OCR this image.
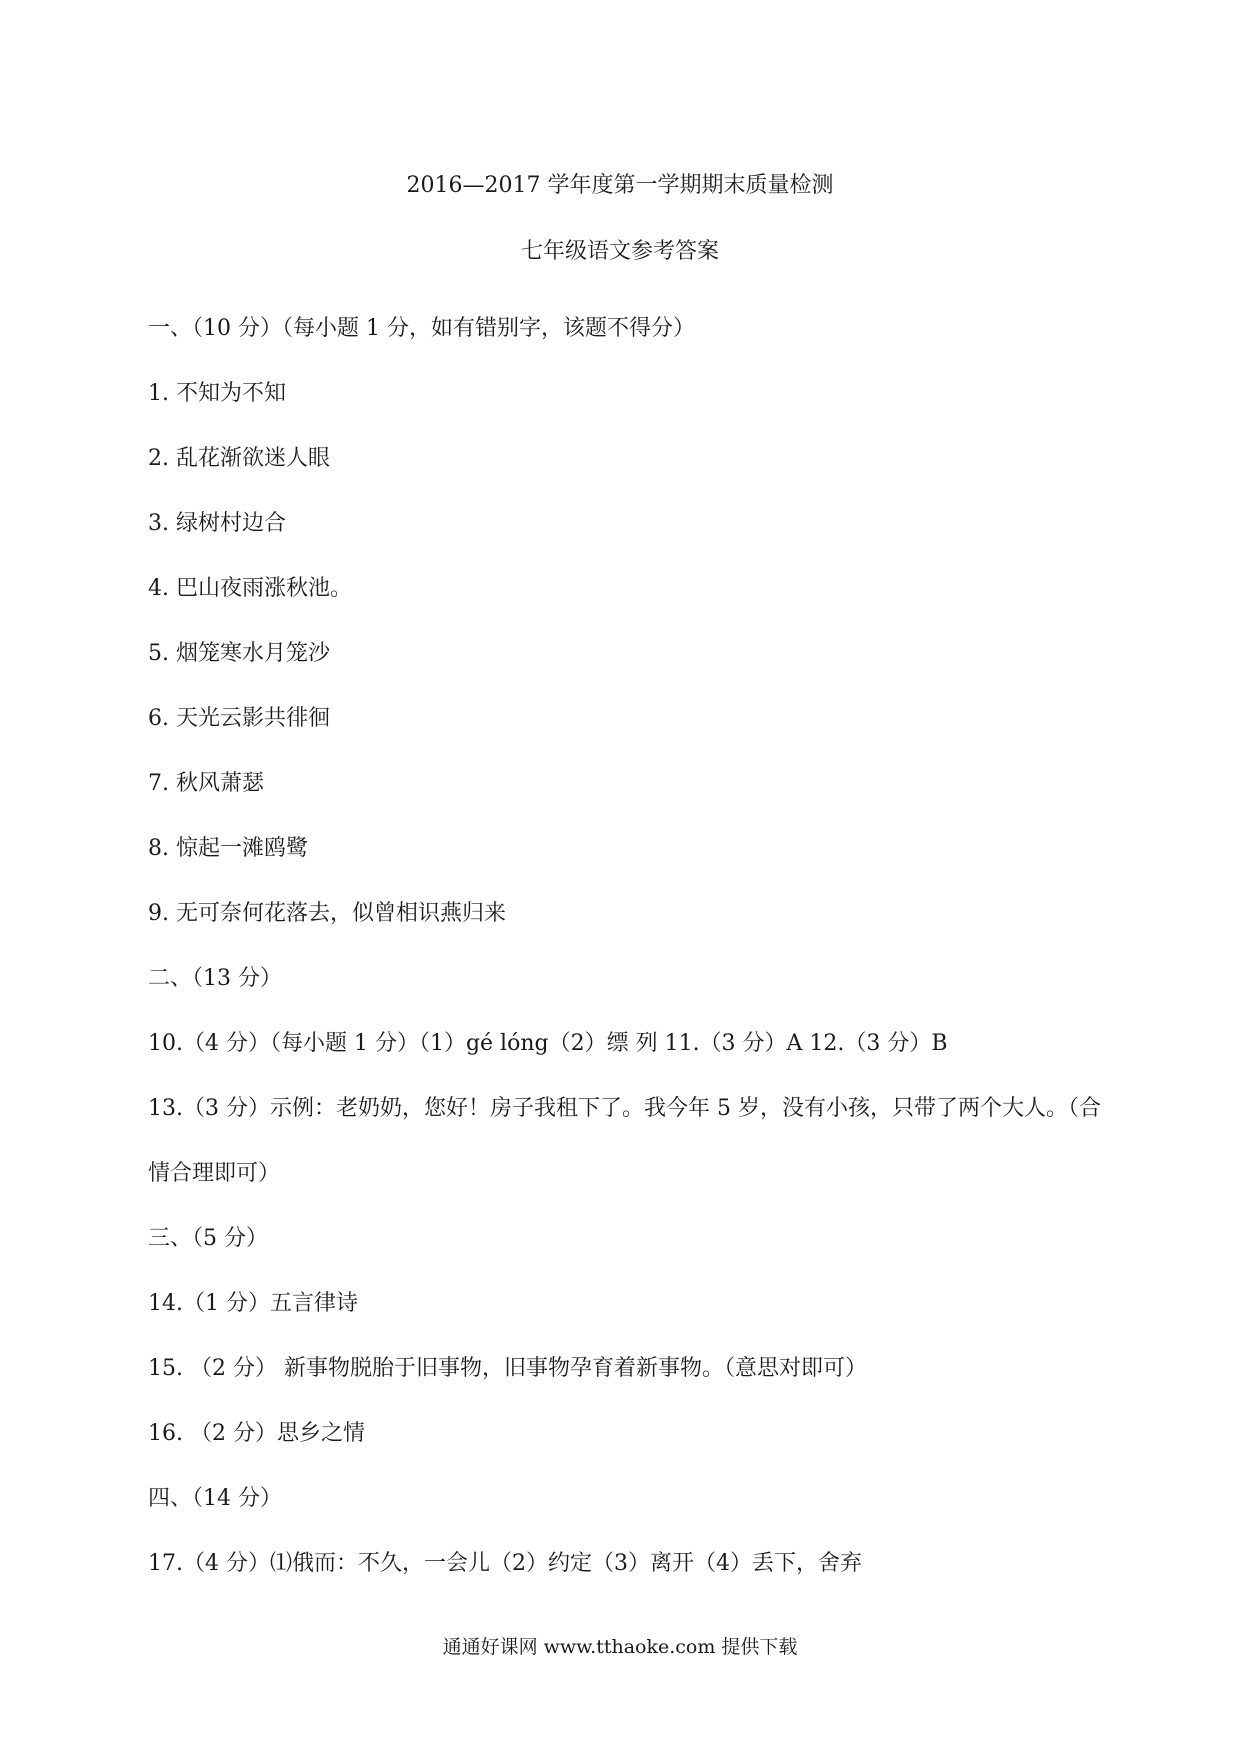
2016—2017 学年度第一学期期末质量检测
七年级语文参考答案
一、（10 分）（每小题 1 分，如有错别字，该题不得分）
1. 不知为不知
2. 乱花渐欲迷人眼
3. 绿树村边合
4. 巴山夜雨涨秋池。
5. 烟笼寒水月笼沙
6. 天光云影共徘徊
7. 秋风萧瑟
8. 惊起一滩鸥鹭
9. 无可奈何花落去，似曾相识燕归来
二、（13 分）
10.（4 分）（每小题 1 分）（1）gé lóng（2）缥 列 11.（3 分）A 12.（3 分）B
13.（3 分）示例：老奶奶，您好！房子我租下了。我今年 5 岁，没有小孩，只带了两个大人。（合
情合理即可）
三、（5 分）
14.（1 分）五言律诗
15. （2 分） 新事物脱胎于旧事物，旧事物孕育着新事物。（意思对即可）
16. （2 分）思乡之情
四、（14 分）
17.（4 分）⑴俄而：不久，一会儿（2）约定（3）离开（4）丢下，舍弃
通通好课网 www.tthaoke.com 提供下载
